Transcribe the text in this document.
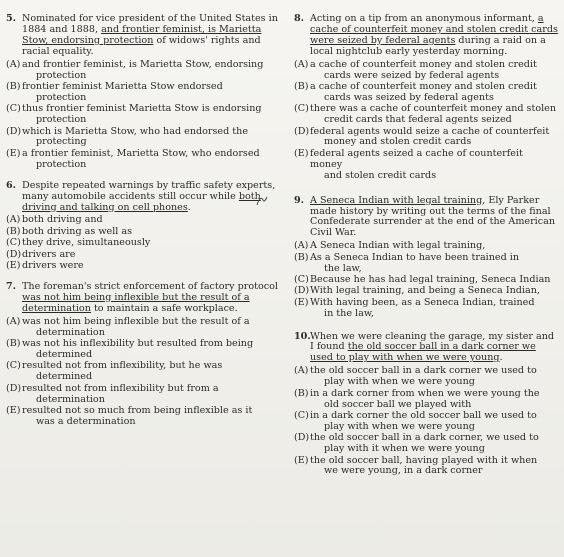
5. Nominated for vice president of the United States in 1884 and 1888, and frontier feminist, is Marietta Stow, endorsing protection of widows' rights and racial equality.
(A) and frontier feminist, is Marietta Stow, endorsing
protection
(B) frontier feminist Marietta Stow endorsed
protection
(C) thus frontier feminist Marietta Stow is endorsing
protection
(D) which is Marietta Stow, who had endorsed the
protecting
(E) a frontier feminist, Marietta Stow, who endorsed
protection
6. Despite repeated warnings by traffic safety experts, many automobile accidents still occur while both driving and talking on cell phones.
(A) both driving and
(B) both driving as well as
(C) they drive, simultaneously
(D) drivers are
(E) drivers were
7. The foreman's strict enforcement of factory protocol was not him being inflexible but the result of a determination to maintain a safe workplace.
(A) was not him being inflexible but the result of a
determination
(B) was not his inflexibility but resulted from being
determined
(C) resulted not from inflexibility, but he was
determined
(D) resulted not from inflexibility but from a
determination
(E) resulted not so much from being inflexible as it
was a determination
8. Acting on a tip from an anonymous informant, a cache of counterfeit money and stolen credit cards were seized by federal agents during a raid on a local nightclub early yesterday morning.
(A) a cache of counterfeit money and stolen credit
cards were seized by federal agents
(B) a cache of counterfeit money and stolen credit
cards was seized by federal agents
(C) there was a cache of counterfeit money and stolen
credit cards that federal agents seized
(D) federal agents would seize a cache of counterfeit
money and stolen credit cards
(E) federal agents seized a cache of counterfeit money
and stolen credit cards
9. A Seneca Indian with legal training, Ely Parker made history by writing out the terms of the final Confederate surrender at the end of the American Civil War.
(A) A Seneca Indian with legal training,
(B) As a Seneca Indian to have been trained in
the law,
(C) Because he has had legal training, Seneca Indian
(D) With legal training, and being a Seneca Indian,
(E) With having been, as a Seneca Indian, trained
in the law,
10. When we were cleaning the garage, my sister and I found the old soccer ball in a dark corner we used to play with when we were young.
(A) the old soccer ball in a dark corner we used to
play with when we were young
(B) in a dark corner from when we were young the
old soccer ball we played with
(C) in a dark corner the old soccer ball we used to
play with when we were young
(D) the old soccer ball in a dark corner, we used to
play with it when we were young
(E) the old soccer ball, having played with it when
we were young, in a dark corner
